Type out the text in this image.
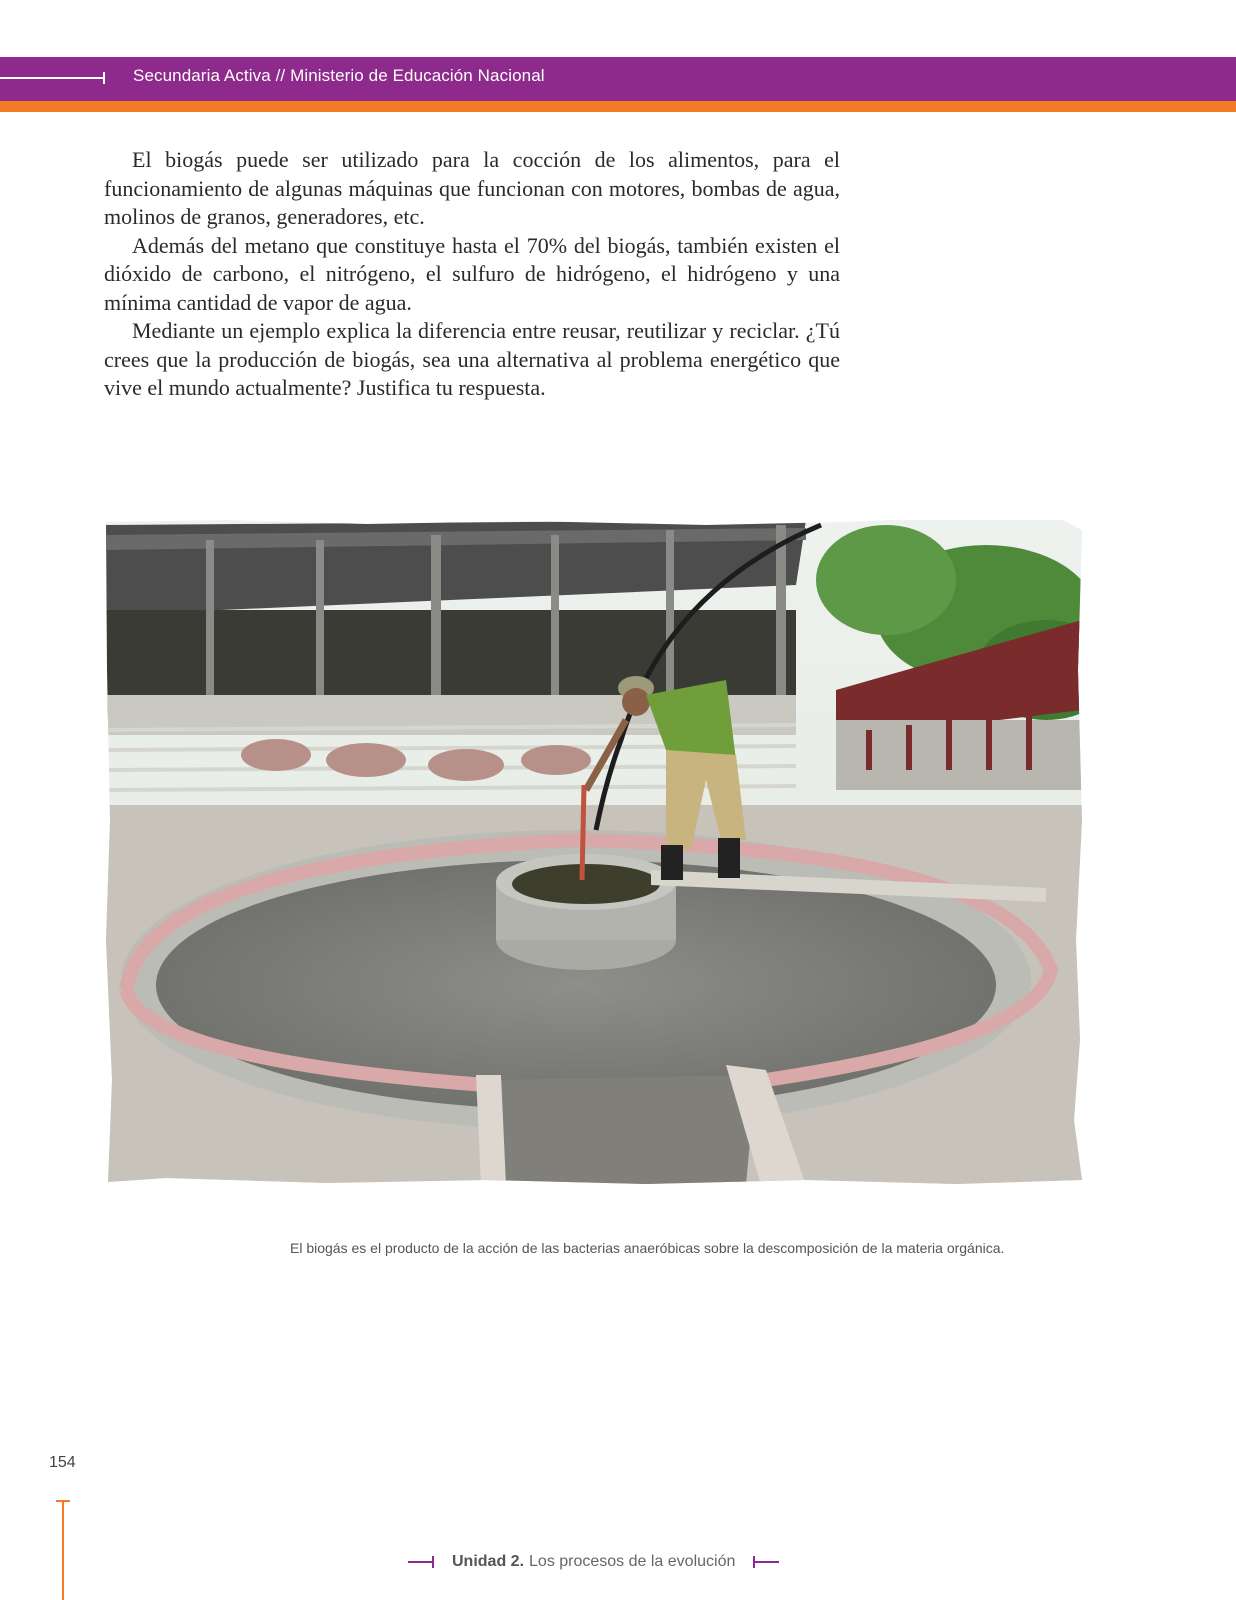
Secundaria Activa // Ministerio de Educación Nacional

El biogás puede ser utilizado para la cocción de los alimentos, para el funcionamiento de algunas máquinas que funcionan con motores, bombas de agua, molinos de granos, generadores, etc.

Además del metano que constituye hasta el 70% del biogás, también existen el dióxido de carbono, el nitrógeno, el sulfuro de hidrógeno, el hidrógeno y una mínima cantidad de vapor de agua.

Mediante un ejemplo explica la diferencia entre reusar, reutilizar y reciclar. ¿Tú crees que la producción de biogás, sea una alternativa al problema energético que vive el mundo actualmente? Justifica tu respuesta.

El biogás es el producto de la acción de las bacterias anaeróbicas sobre la descomposición de la materia orgánica.
154
Unidad 2. Los procesos de la evolución
